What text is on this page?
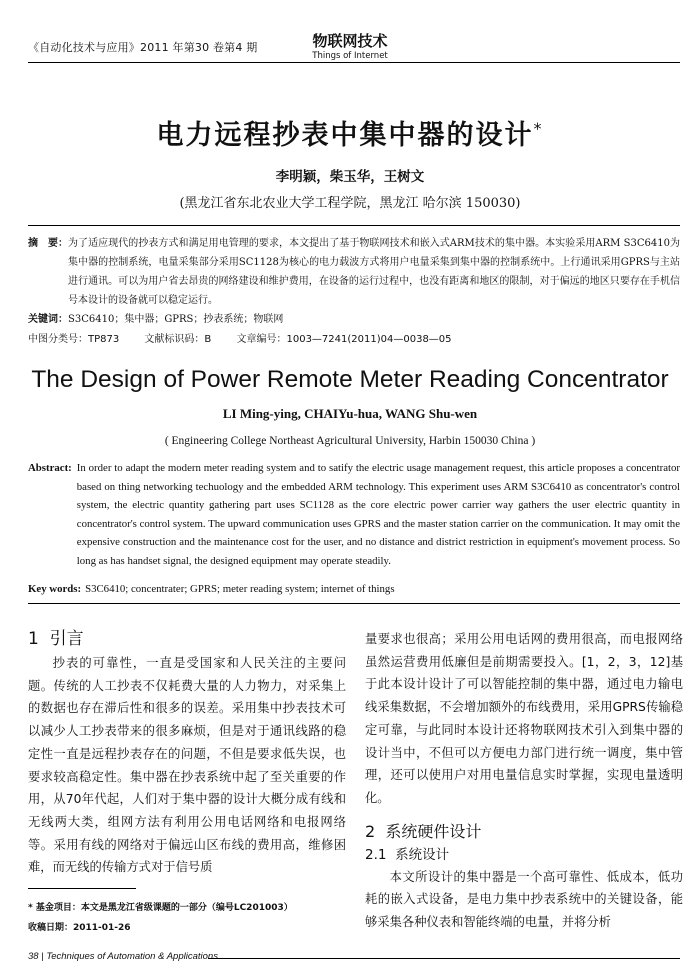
《自动化技术与应用》2011 年第30 卷第4 期	物联网技术
Things of Internet
电力远程抄表中集中器的设计*
李明颖，柴玉华，王树文
(黑龙江省东北农业大学工程学院，黑龙江 哈尔滨 150030)
摘　要： 为了适应现代的抄表方式和满足用电管理的要求，本文提出了基于物联网技术和嵌入式ARM技术的集中器。本实验采用ARM S3C6410为集中器的控制系统，电量采集部分采用SC1128为核心的电力载波方式将用户电量采集到集中器的控制系统中。上行通讯采用GPRS与主站进行通讯。可以为用户省去昂贵的网络建设和维护费用，在设备的运行过程中，也没有距离和地区的限制，对于偏远的地区只要存在手机信号本设计的设备就可以稳定运行。
关键词：S3C6410；集中器；GPRS；抄表系统；物联网
中图分类号：TP873	文献标识码：B	文章编号：1003—7241(2011)04—0038—05
The Design of Power Remote Meter Reading Concentrator
LI Ming-ying, CHAIYu-hua, WANG Shu-wen
( Engineering College Northeast Agricultural University, Harbin 150030 China )
Abstract: In order to adapt the modern meter reading system and to satify the electric usage management request, this article proposes a concentrator based on thing networking techuology and the embedded ARM technology. This experiment uses ARM S3C6410 as concentrator's control system, the electric quantity gathering part uses SC1128 as the core electric power carrier way gathers the user electric quantity in concentrator's control system. The upward communication uses GPRS and the master station carrier on the communication. It may omit the expensive construction and the maintenance cost for the user, and no distance and district restriction in equipment's movement process. So long as has handset signal, the designed equipment may operate steadily.
Key words: S3C6410; concentrater; GPRS; meter reading system; internet of things
1 引言

抄表的可靠性，一直是受国家和人民关注的主要问题。传统的人工抄表不仅耗费大量的人力物力，对采集上的数据也存在滞后性和很多的误差。采用集中抄表技术可以减少人工抄表带来的很多麻烦，但是对于通讯线路的稳定性一直是远程抄表存在的问题，不但是要求低失误，也要求较高稳定性。集中器在抄表系统中起了至关重要的作用，从70年代起，人们对于集中器的设计大概分成有线和无线两大类，组网方法有利用公用电话网络和电报网络等。采用有线的网络对于偏远山区布线的费用高，维修困难，而无线的传输方式对于信号质

* 基金项目：本文是黑龙江省级课题的一部分（编号LC201003）
收稿日期：2011-01-26

量要求也很高；采用公用电话网的费用很高，而电报网络虽然运营费用低廉但是前期需要投入。[1，2，3，12]基于此本设计设计了可以智能控制的集中器，通过电力输电线采集数据，不会增加额外的布线费用，采用GPRS传输稳定可靠，与此同时本设计还将物联网技术引入到集中器的设计当中，不但可以方便电力部门进行统一调度，集中管理，还可以使用户对用电量信息实时掌握，实现电量透明化。

2 系统硬件设计
2.1 系统设计

本文所设计的集中器是一个高可靠性、低成本，低功耗的嵌入式设备，是电力集中抄表系统中的关键设备，能够采集各种仪表和智能终端的电量，并将分析

38 | Techniques of Automation & Applications
